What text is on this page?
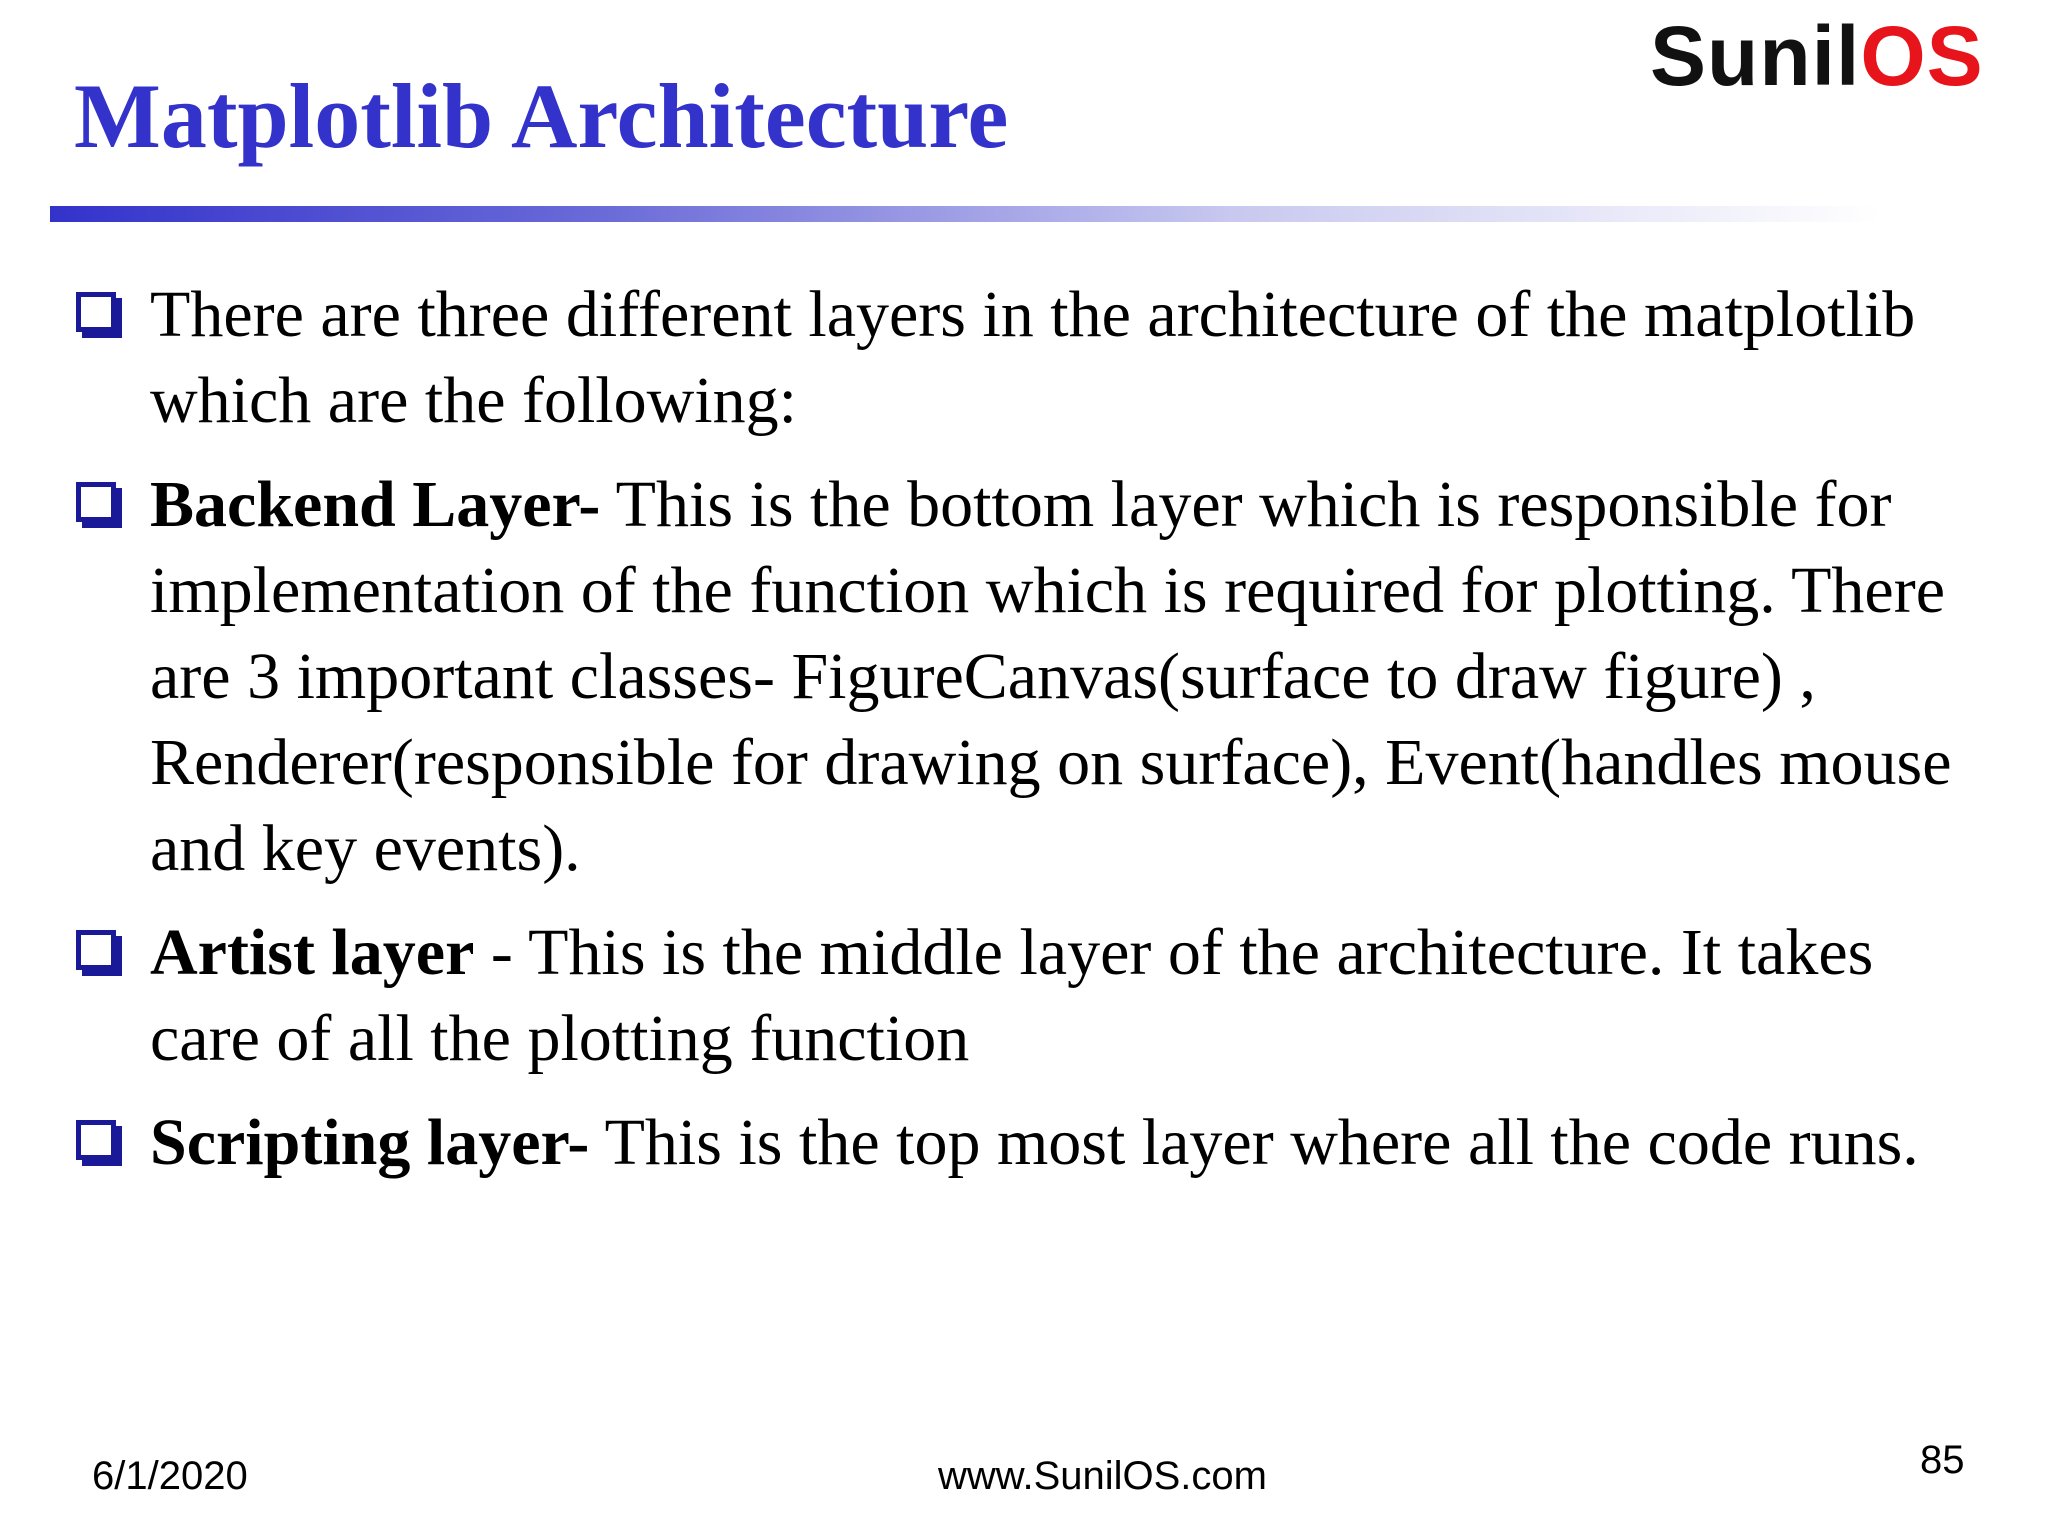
SunilOS
Matplotlib Architecture
There are three different layers in the architecture of the matplotlib which are the following:
Backend Layer- This is the bottom layer which is responsible for implementation of the function which is required for plotting. There are 3 important classes- FigureCanvas(surface to draw figure) , Renderer(responsible for drawing on surface), Event(handles mouse and key events).
Artist layer - This is the middle layer of the architecture. It takes care of all the plotting function
Scripting layer- This is the top most layer where all the code runs.
6/1/2020	www.SunilOS.com	85
